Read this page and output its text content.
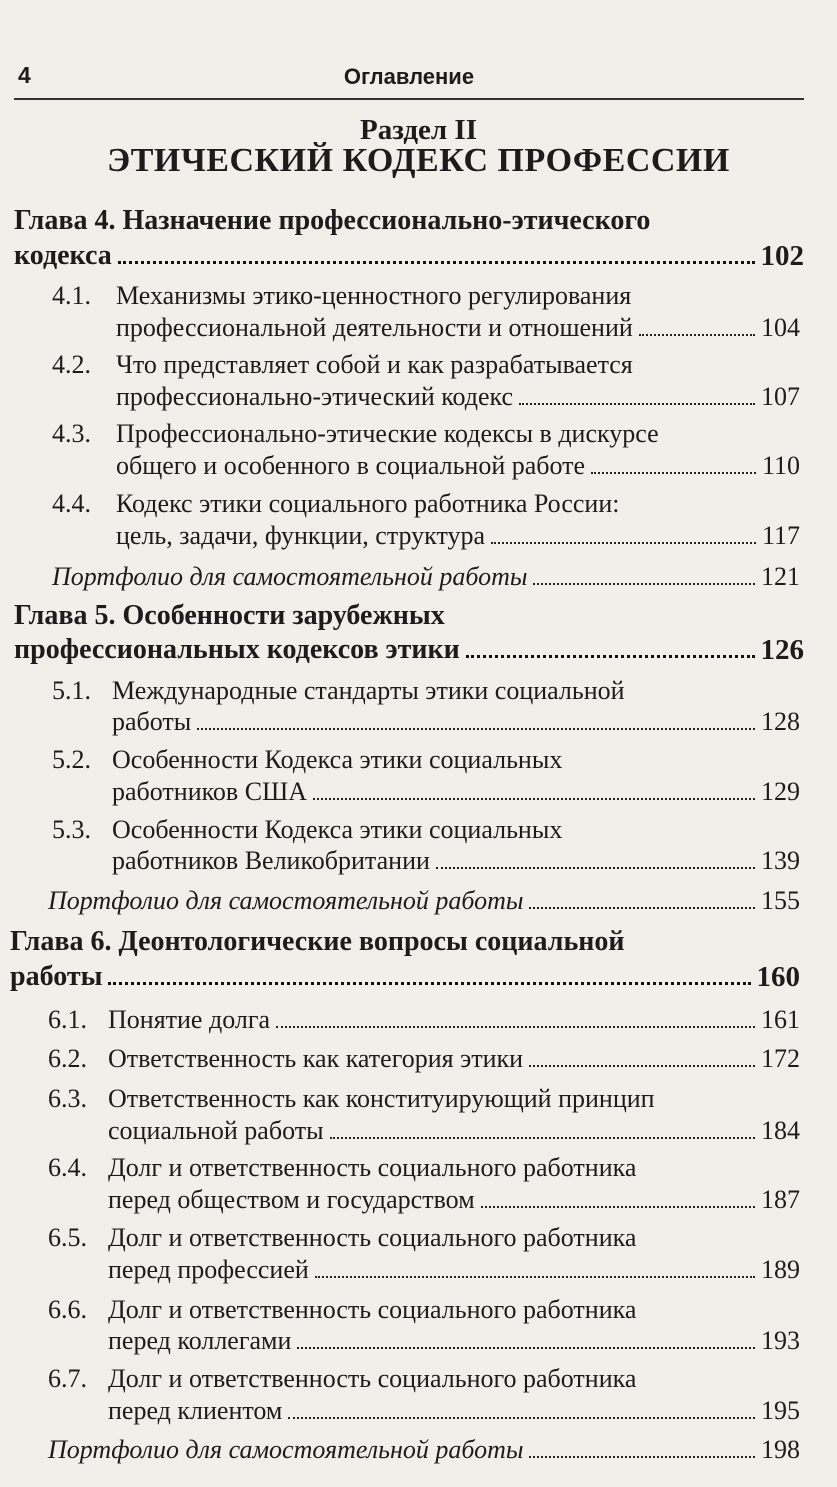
4	Оглавление
Раздел II
ЭТИЧЕСКИЙ КОДЕКС ПРОФЕССИИ
Глава 4. Назначение профессионально-этического
кодекса	102
4.1. Механизмы этико-ценностного регулирования
профессиональной деятельности и отношений	104
4.2. Что представляет собой и как разрабатывается
профессионально-этический кодекс	107
4.3. Профессионально-этические кодексы в дискурсе
общего и особенного в социальной работе	110
4.4. Кодекс этики социального работника России:
цель, задачи, функции, структура	117
Портфолио для самостоятельной работы	121
Глава 5. Особенности зарубежных
профессиональных кодексов этики	126
5.1. Международные стандарты этики социальной
работы	128
5.2. Особенности Кодекса этики социальных
работников США	129
5.3. Особенности Кодекса этики социальных
работников Великобритании	139
Портфолио для самостоятельной работы	155
Глава 6. Деонтологические вопросы социальной
работы	160
6.1. Понятие долга	161
6.2. Ответственность как категория этики	172
6.3. Ответственность как конституирующий принцип
социальной работы	184
6.4. Долг и ответственность социального работника
перед обществом и государством	187
6.5. Долг и ответственность социального работника
перед профессией	189
6.6. Долг и ответственность социального работника
перед коллегами	193
6.7. Долг и ответственность социального работника
перед клиентом	195
Портфолио для самостоятельной работы	198
